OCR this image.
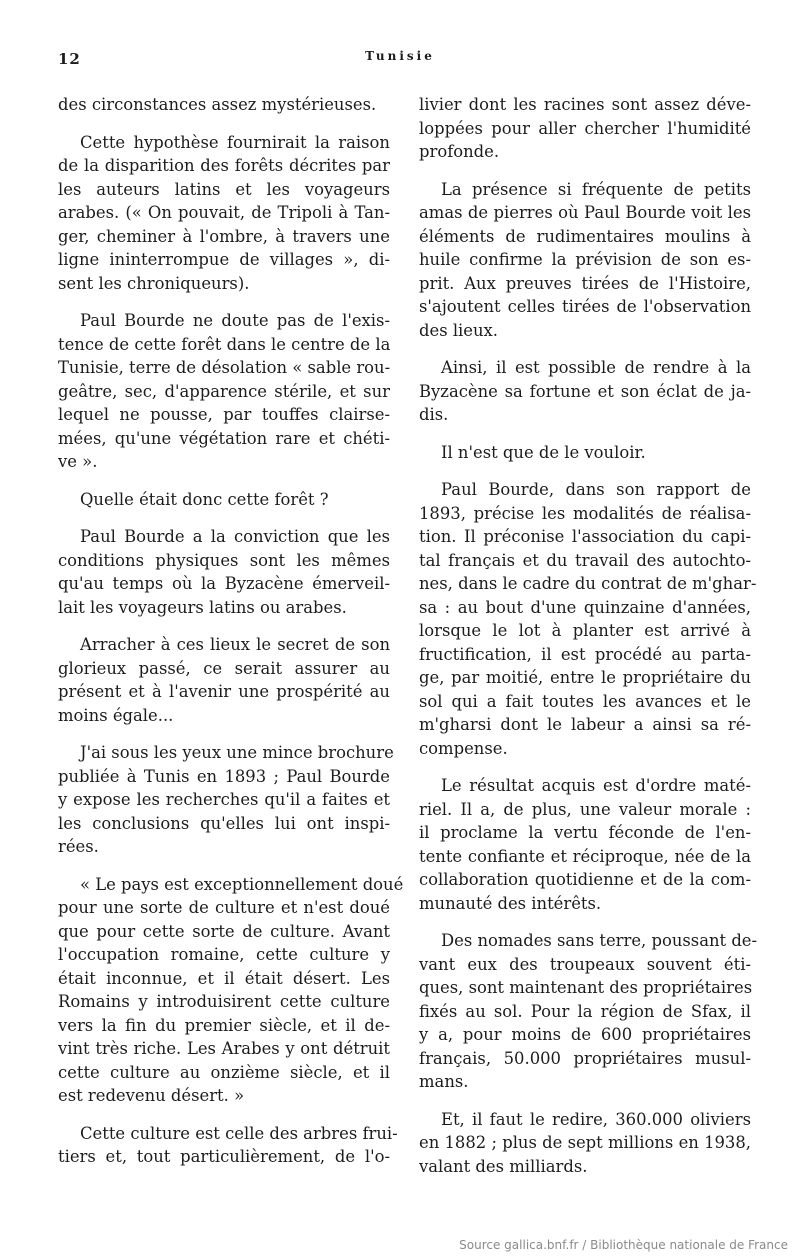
12	Tunisie
des circonstances assez mystérieuses.
Cette hypothèse fournirait la raison
de la disparition des forêts décrites par
les auteurs latins et les voyageurs
arabes. (« On pouvait, de Tripoli à Tan-
ger, cheminer à l'ombre, à travers une
ligne ininterrompue de villages », di-
sent les chroniqueurs).
Paul Bourde ne doute pas de l'exis-
tence de cette forêt dans le centre de la
Tunisie, terre de désolation « sable rou-
geâtre, sec, d'apparence stérile, et sur
lequel ne pousse, par touffes clairse-
mées, qu'une végétation rare et chéti-
ve ».
Quelle était donc cette forêt ?
Paul Bourde a la conviction que les
conditions physiques sont les mêmes
qu'au temps où la Byzacène émerveil-
lait les voyageurs latins ou arabes.
Arracher à ces lieux le secret de son
glorieux passé, ce serait assurer au
présent et à l'avenir une prospérité au
moins égale...
J'ai sous les yeux une mince brochure
publiée à Tunis en 1893 ; Paul Bourde
y expose les recherches qu'il a faites et
les conclusions qu'elles lui ont inspi-
rées.
« Le pays est exceptionnellement doué
pour une sorte de culture et n'est doué
que pour cette sorte de culture. Avant
l'occupation romaine, cette culture y
était inconnue, et il était désert. Les
Romains y introduisirent cette culture
vers la fin du premier siècle, et il de-
vint très riche. Les Arabes y ont détruit
cette culture au onzième siècle, et il
est redevenu désert. »
Cette culture est celle des arbres frui-
tiers et, tout particulièrement, de l'o-
livier dont les racines sont assez déve-
loppées pour aller chercher l'humidité
profonde.
La présence si fréquente de petits
amas de pierres où Paul Bourde voit les
éléments de rudimentaires moulins à
huile confirme la prévision de son es-
prit. Aux preuves tirées de l'Histoire,
s'ajoutent celles tirées de l'observation
des lieux.
Ainsi, il est possible de rendre à la
Byzacène sa fortune et son éclat de ja-
dis.
Il n'est que de le vouloir.
Paul Bourde, dans son rapport de
1893, précise les modalités de réalisa-
tion. Il préconise l'association du capi-
tal français et du travail des autochto-
nes, dans le cadre du contrat de m'ghar-
sa : au bout d'une quinzaine d'années,
lorsque le lot à planter est arrivé à
fructification, il est procédé au parta-
ge, par moitié, entre le propriétaire du
sol qui a fait toutes les avances et le
m'gharsi dont le labeur a ainsi sa ré-
compense.
Le résultat acquis est d'ordre maté-
riel. Il a, de plus, une valeur morale :
il proclame la vertu féconde de l'en-
tente confiante et réciproque, née de la
collaboration quotidienne et de la com-
munauté des intérêts.
Des nomades sans terre, poussant de-
vant eux des troupeaux souvent éti-
ques, sont maintenant des propriétaires
fixés au sol. Pour la région de Sfax, il
y a, pour moins de 600 propriétaires
français, 50.000 propriétaires musul-
mans.
Et, il faut le redire, 360.000 oliviers
en 1882 ; plus de sept millions en 1938,
valant des milliards.
Source gallica.bnf.fr / Bibliothèque nationale de France
